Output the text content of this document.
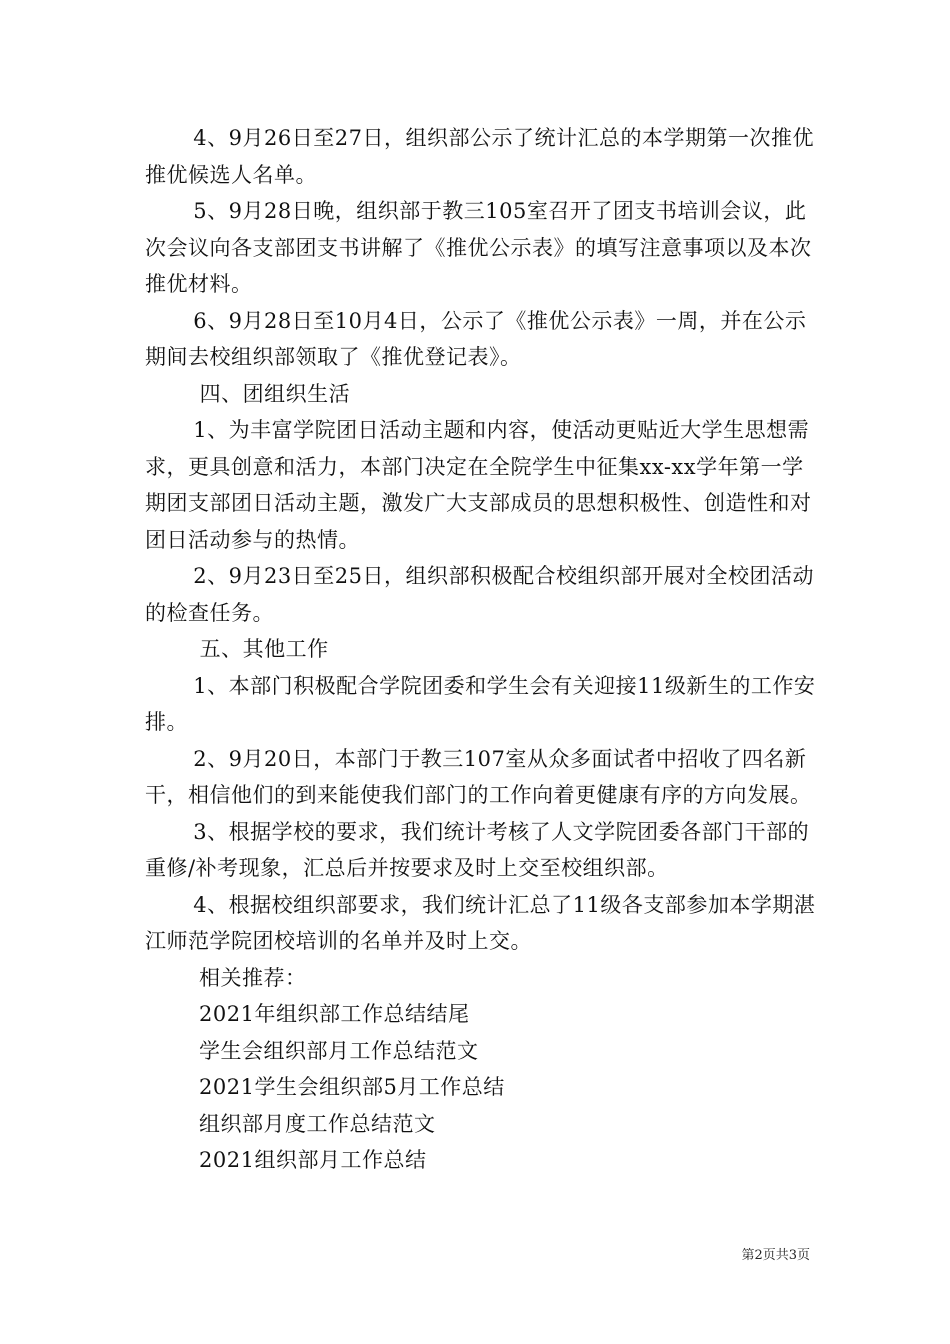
4、9月26日至27日，组织部公示了统计汇总的本学期第一次推优推优候选人名单。

5、9月28日晚，组织部于教三105室召开了团支书培训会议，此次会议向各支部团支书讲解了《推优公示表》的填写注意事项以及本次推优材料。

6、9月28日至10月4日，公示了《推优公示表》一周，并在公示期间去校组织部领取了《推优登记表》。

四、团组织生活

1、为丰富学院团日活动主题和内容，使活动更贴近大学生思想需求，更具创意和活力，本部门决定在全院学生中征集xx-xx学年第一学期团支部团日活动主题，激发广大支部成员的思想积极性、创造性和对团日活动参与的热情。

2、9月23日至25日，组织部积极配合校组织部开展对全校团活动的检查任务。

五、其他工作

1、本部门积极配合学院团委和学生会有关迎接11级新生的工作安排。

2、9月20日，本部门于教三107室从众多面试者中招收了四名新干，相信他们的到来能使我们部门的工作向着更健康有序的方向发展。

3、根据学校的要求，我们统计考核了人文学院团委各部门干部的重修/补考现象，汇总后并按要求及时上交至校组织部。

4、根据校组织部要求，我们统计汇总了11级各支部参加本学期湛江师范学院团校培训的名单并及时上交。

相关推荐：
2021年组织部工作总结结尾
学生会组织部月工作总结范文
2021学生会组织部5月工作总结
组织部月度工作总结范文
2021组织部月工作总结
第2页共3页
